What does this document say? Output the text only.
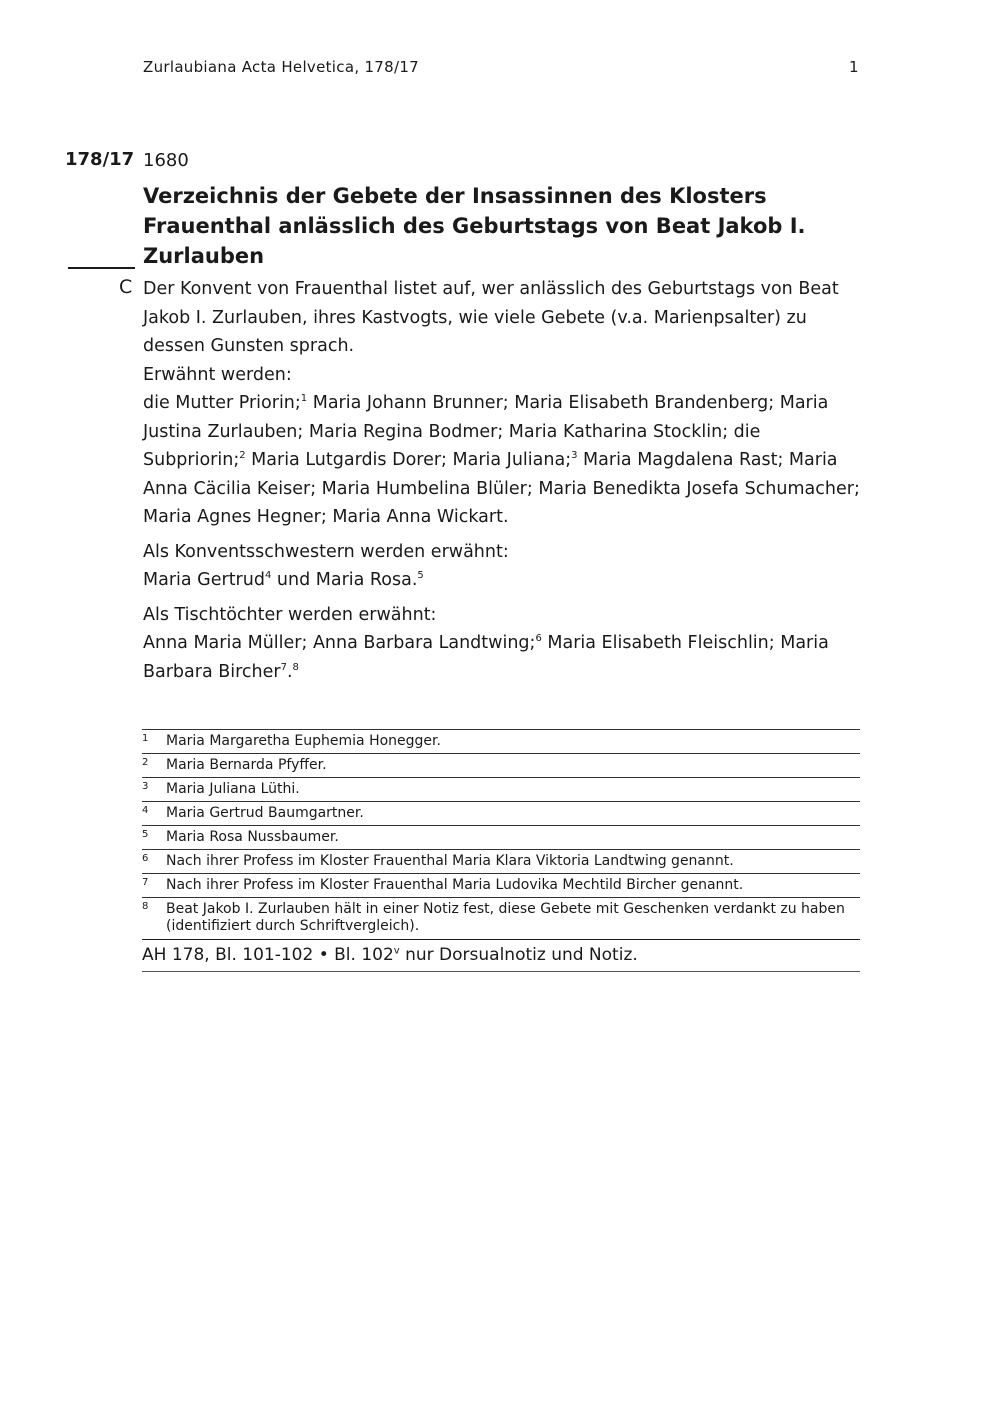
Zurlaubiana Acta Helvetica, 178/17	1
178/17 1680
Verzeichnis der Gebete der Insassinnen des Klosters Frauenthal anlässlich des Geburtstags von Beat Jakob I. Zurlauben
C Der Konvent von Frauenthal listet auf, wer anlässlich des Geburtstags von Beat Jakob I. Zurlauben, ihres Kastvogts, wie viele Gebete (v.a. Marienpsalter) zu dessen Gunsten sprach.
Erwähnt werden:
die Mutter Priorin;$^1$ Maria Johann Brunner; Maria Elisabeth Brandenberg; Maria Justina Zurlauben; Maria Regina Bodmer; Maria Katharina Stocklin; die Subpriorin;$^2$ Maria Lutgardis Dorer; Maria Juliana;$^3$ Maria Magdalena Rast; Maria Anna Cäcilia Keiser; Maria Humbelina Blüler; Maria Benedikta Josefa Schumacher; Maria Agnes Hegner; Maria Anna Wickart.

Als Konventsschwestern werden erwähnt:
Maria Gertrud$^4$ und Maria Rosa.$^5$

Als Tischtöchter werden erwähnt:
Anna Maria Müller; Anna Barbara Landtwing;$^6$ Maria Elisabeth Fleischlin; Maria Barbara Bircher$^7$.$^8$

1	Maria Margaretha Euphemia Honegger.
2	Maria Bernarda Pfyffer.
3	Maria Juliana Lüthi.
4	Maria Gertrud Baumgartner.
5	Maria Rosa Nussbaumer.
6	Nach ihrer Profess im Kloster Frauenthal Maria Klara Viktoria Landtwing genannt.
7	Nach ihrer Profess im Kloster Frauenthal Maria Ludovika Mechtild Bircher genannt.
8	Beat Jakob I. Zurlauben hält in einer Notiz fest, diese Gebete mit Geschenken verdankt zu haben (identifiziert durch Schriftvergleich).
AH 178, Bl. 101-102 • Bl. 102$^v$ nur Dorsualnotiz und Notiz.
